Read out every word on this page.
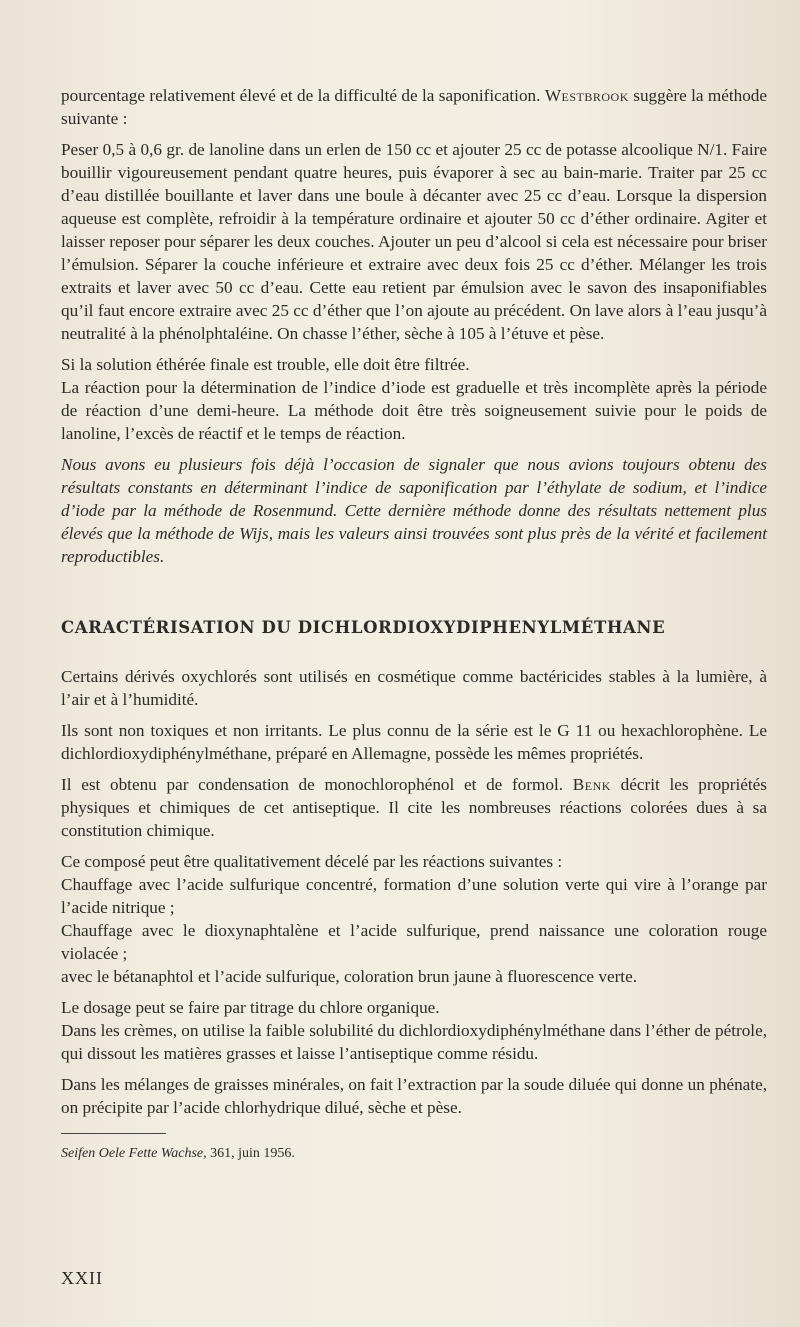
pourcentage relativement élevé et de la difficulté de la saponification. Westbrook suggère la méthode suivante :

Peser 0,5 à 0,6 gr. de lanoline dans un erlen de 150 cc et ajouter 25 cc de potasse alcoolique N/1. Faire bouillir vigoureusement pendant quatre heures, puis évaporer à sec au bain-marie. Traiter par 25 cc d’eau distillée bouillante et laver dans une boule à décanter avec 25 cc d’eau. Lorsque la dispersion aqueuse est complète, refroidir à la température ordinaire et ajouter 50 cc d’éther ordinaire. Agiter et laisser reposer pour séparer les deux couches. Ajouter un peu d’alcool si cela est nécessaire pour briser l’émulsion. Séparer la couche inférieure et extraire avec deux fois 25 cc d’éther. Mélanger les trois extraits et laver avec 50 cc d’eau. Cette eau retient par émulsion avec le savon des insaponifiables qu’il faut encore extraire avec 25 cc d’éther que l’on ajoute au précédent. On lave alors à l’eau jusqu’à neutralité à la phénolphtaléine. On chasse l’éther, sèche à 105 à l’étuve et pèse.

Si la solution éthérée finale est trouble, elle doit être filtrée.

La réaction pour la détermination de l’indice d’iode est graduelle et très incomplète après la période de réaction d’une demi-heure. La méthode doit être très soigneusement suivie pour le poids de lanoline, l’excès de réactif et le temps de réaction.

Nous avons eu plusieurs fois déjà l’occasion de signaler que nous avions toujours obtenu des résultats constants en déterminant l’indice de saponification par l’éthylate de sodium, et l’indice d’iode par la méthode de Rosenmund. Cette dernière méthode donne des résultats nettement plus élevés que la méthode de Wijs, mais les valeurs ainsi trouvées sont plus près de la vérité et facilement reproductibles.

CARACTÉRISATION DU DICHLORDIOXYDIPHENYLMÉTHANE

Certains dérivés oxychlorés sont utilisés en cosmétique comme bactéricides stables à la lumière, à l’air et à l’humidité.

Ils sont non toxiques et non irritants. Le plus connu de la série est le G 11 ou hexachlorophène. Le dichlordioxydiphénylméthane, préparé en Allemagne, possède les mêmes propriétés.

Il est obtenu par condensation de monochlorophénol et de formol. Benk décrit les propriétés physiques et chimiques de cet antiseptique. Il cite les nombreuses réactions colorées dues à sa constitution chimique.

Ce composé peut être qualitativement décelé par les réactions suivantes :

Chauffage avec l’acide sulfurique concentré, formation d’une solution verte qui vire à l’orange par l’acide nitrique ;

Chauffage avec le dioxynaphtalène et l’acide sulfurique, prend naissance une coloration rouge violacée ;

avec le bétanaphtol et l’acide sulfurique, coloration brun jaune à fluorescence verte.

Le dosage peut se faire par titrage du chlore organique.

Dans les crèmes, on utilise la faible solubilité du dichlordioxydiphénylméthane dans l’éther de pétrole, qui dissout les matières grasses et laisse l’antiseptique comme résidu.

Dans les mélanges de graisses minérales, on fait l’extraction par la soude diluée qui donne un phénate, on précipite par l’acide chlorhydrique dilué, sèche et pèse.

Seifen Oele Fette Wachse, 361, juin 1956.

XXII
